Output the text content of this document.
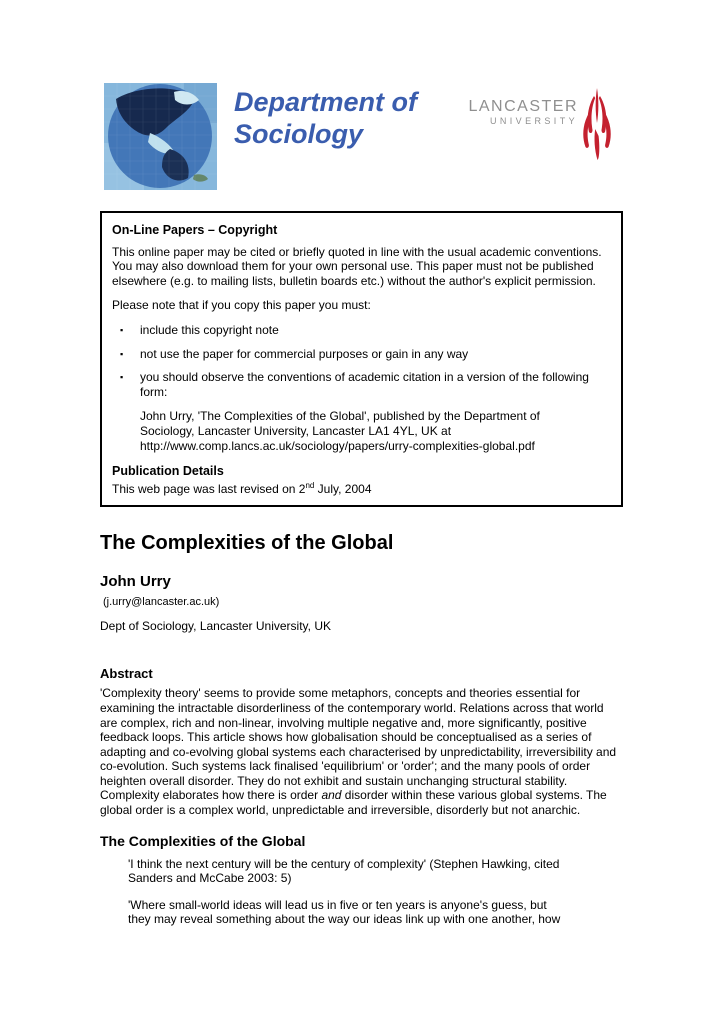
Department of
Sociology
LANCASTER
UNIVERSITY
On-Line Papers – Copyright

This online paper may be cited or briefly quoted in line with the usual academic conventions. You may also download them for your own personal use. This paper must not be published elsewhere (e.g. to mailing lists, bulletin boards etc.) without the author's explicit permission.

Please note that if you copy this paper you must:

▪	include this copyright note
▪	not use the paper for commercial purposes or gain in any way
▪	you should observe the conventions of academic citation in a version of the following form:

John Urry, 'The Complexities of the Global', published by the Department of Sociology, Lancaster University, Lancaster LA1 4YL, UK at http://www.comp.lancs.ac.uk/sociology/papers/urry-complexities-global.pdf

Publication Details

This web page was last revised on 2nd July, 2004

The Complexities of the Global
John Urry
(j.urry@lancaster.ac.uk)
Dept of Sociology, Lancaster University, UK
Abstract

'Complexity theory' seems to provide some metaphors, concepts and theories essential for examining the intractable disorderliness of the contemporary world. Relations across that world are complex, rich and non-linear, involving multiple negative and, more significantly, positive feedback loops. This article shows how globalisation should be conceptualised as a series of adapting and co-evolving global systems each characterised by unpredictability, irreversibility and co-evolution. Such systems lack finalised 'equilibrium' or 'order'; and the many pools of order heighten overall disorder. They do not exhibit and sustain unchanging structural stability. Complexity elaborates how there is order and disorder within these various global systems. The global order is a complex world, unpredictable and irreversible, disorderly but not anarchic.

The Complexities of the Global

'I think the next century will be the century of complexity' (Stephen Hawking, cited Sanders and McCabe 2003: 5)

'Where small-world ideas will lead us in five or ten years is anyone's guess, but they may reveal something about the way our ideas link up with one another, how
